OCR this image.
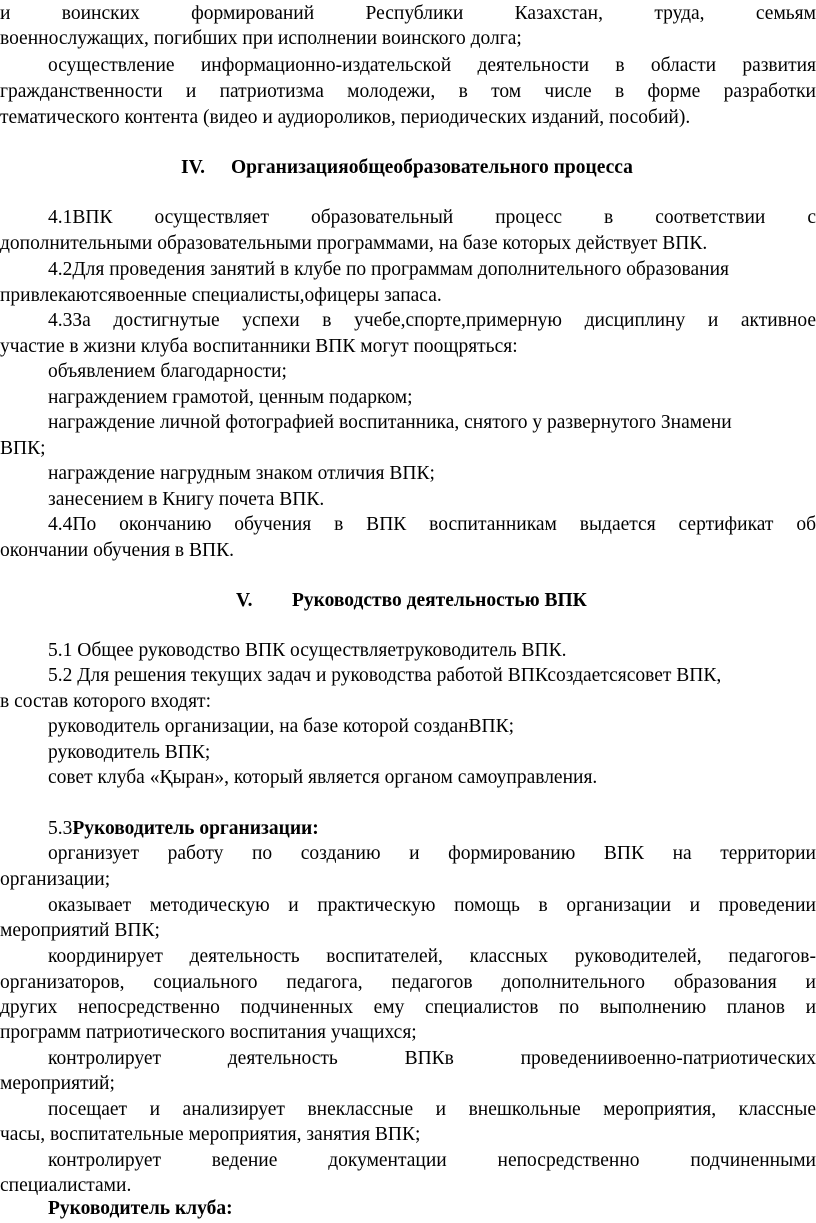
и воинских формирований Республики Казахстан, труда, семьям
военнослужащих, погибших при исполнении воинского долга;
осуществление информационно-издательской деятельности в области развития
гражданственности и патриотизма молодежи, в том числе в форме разработки
тематического контента (видео и аудиороликов, периодических изданий, пособий).
IV. Организацияобщеобразовательного процесса
4.1ВПК осуществляет образовательный процесс в соответствии с
дополнительными образовательными программами, на базе которых действует ВПК.
4.2Для проведения занятий в клубе по программам дополнительного образования
привлекаютсявоенные специалисты,офицеры запаса.
4.3За достигнутые успехи в учебе,спорте,примерную дисциплину и активное
участие в жизни клуба воспитанники ВПК могут поощряться:
объявлением благодарности;
награждением грамотой, ценным подарком;
награждение личной фотографией воспитанника, снятого у развернутого Знамени
ВПК;
награждение нагрудным знаком отличия ВПК;
занесением в Книгу почета ВПК.
4.4По окончанию обучения в ВПК воспитанникам выдается сертификат об
окончании обучения в ВПК.
V. Руководство деятельностью ВПК
5.1 Общее руководство ВПК осуществляетруководитель ВПК.
5.2 Для решения текущих задач и руководства работой ВПКсоздаетсясовет ВПК,
в состав которого входят:
руководитель организации, на базе которой созданВПК;
руководитель ВПК;
совет клуба «Қыран», который является органом самоуправления.
5.3Руководитель организации:
организует работу по созданию и формированию ВПК на территории
организации;
оказывает методическую и практическую помощь в организации и проведении
мероприятий ВПК;
координирует деятельность воспитателей, классных руководителей, педагогов-
организаторов, социального педагога, педагогов дополнительного образования и
других непосредственно подчиненных ему специалистов по выполнению планов и
программ патриотического воспитания учащихся;
контролирует деятельность ВПКв проведениивоенно-патриотических
мероприятий;
посещает и анализирует внеклассные и внешкольные мероприятия, классные
часы, воспитательные мероприятия, занятия ВПК;
контролирует ведение документации непосредственно подчиненными
специалистами.
Руководитель клуба:
